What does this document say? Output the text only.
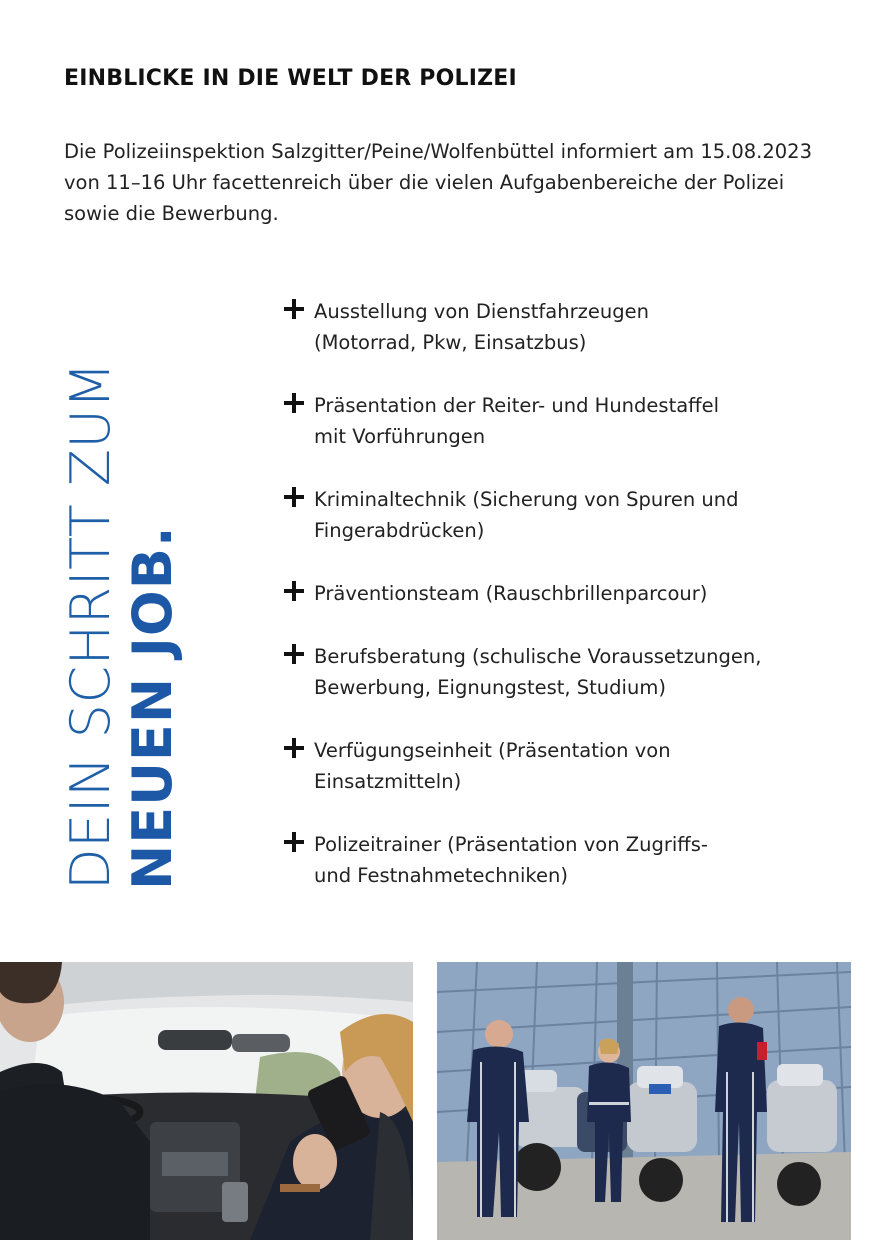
EINBLICKE IN DIE WELT DER POLIZEI
Die Polizeiinspektion Salzgitter/Peine/Wolfenbüttel informiert am 15.08.2023 von 11–16 Uhr facettenreich über die vielen Aufgabenbereiche der Polizei sowie die Bewerbung.
DEIN SCHRITT ZUM NEUEN JOB.
Ausstellung von Dienstfahrzeugen
(Motorrad, Pkw, Einsatzbus)
Präsentation der Reiter- und Hundestaffel
mit Vorführungen
Kriminaltechnik (Sicherung von Spuren und
Fingerabdrücken)
Präventionsteam (Rauschbrillenparcour)
Berufsberatung (schulische Voraussetzungen,
Bewerbung, Eignungstest, Studium)
Verfügungseinheit (Präsentation von
Einsatzmitteln)
Polizeitrainer (Präsentation von Zugriffs-
und Festnahmetechniken)
